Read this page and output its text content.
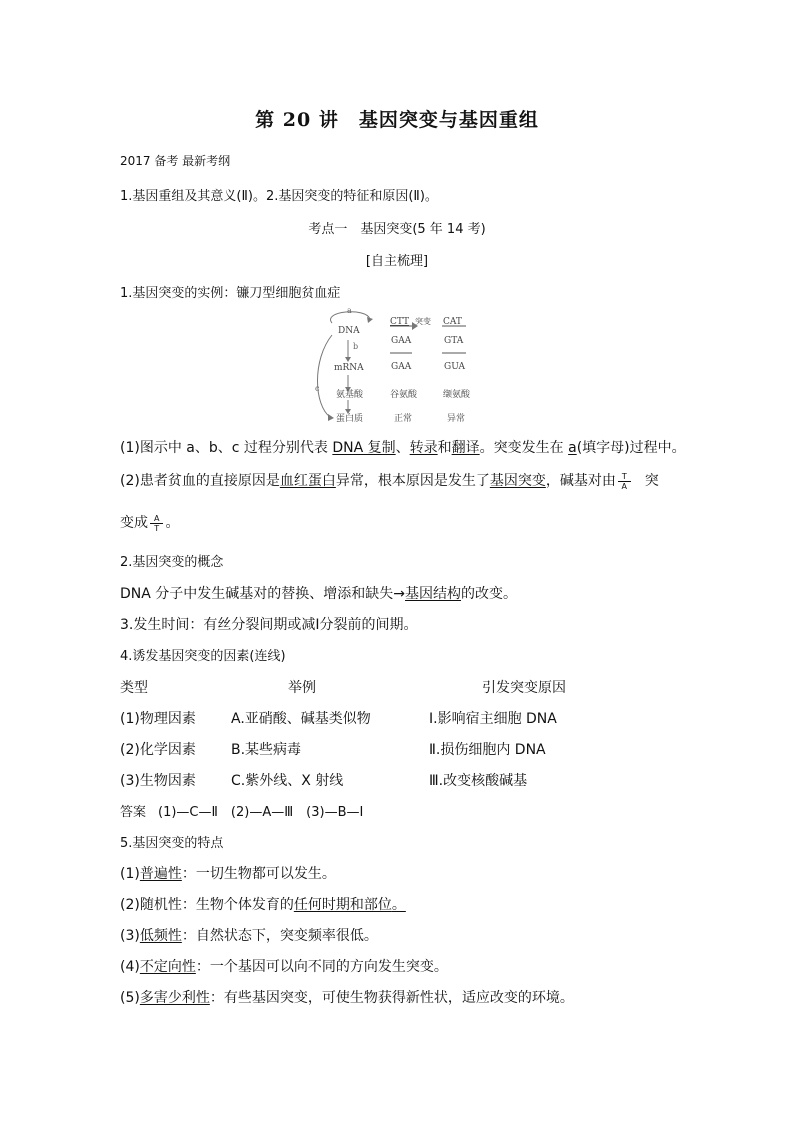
第 20 讲　基因突变与基因重组
2017 备考 最新考纲
1.基因重组及其意义(Ⅱ)。2.基因突变的特征和原因(Ⅱ)。
考点一　基因突变(5 年 14 考)
[自主梳理]
1.基因突变的实例：镰刀型细胞贫血症
a
b
c
DNA
mRNA
氨基酸
蛋白质
CTT 突变 CAT
GAA	GTA
GAA	GUA
谷氨酸	缬氨酸
正常	异常
(1)图示中 a、b、c 过程分别代表 DNA 复制、转录和翻译。突变发生在 a(填字母)过程中。
(2)患者贫血的直接原因是血红蛋白异常，根本原因是发生了基因突变，碱基对由 $\frac{T}{A}$ 突
变成 $\frac{A}{T}$ 。
2.基因突变的概念
DNA 分子中发生碱基对的替换、增添和缺失→基因结构的改变。
3.发生时间：有丝分裂间期或减Ⅰ分裂前的间期。
4.诱发基因突变的因素(连线)
类型	举例	引发突变原因
(1)物理因素	A.亚硝酸、碱基类似物	Ⅰ.影响宿主细胞 DNA
(2)化学因素	B.某些病毒	Ⅱ.损伤细胞内 DNA
(3)生物因素	C.紫外线、X 射线	Ⅲ.改变核酸碱基
答案 (1)—C—Ⅱ　(2)—A—Ⅲ　(3)—B—Ⅰ
5.基因突变的特点
(1)普遍性：一切生物都可以发生。
(2)随机性：生物个体发育的任何时期和部位。
(3)低频性：自然状态下，突变频率很低。
(4)不定向性：一个基因可以向不同的方向发生突变。
(5)多害少利性：有些基因突变，可使生物获得新性状，适应改变的环境。
